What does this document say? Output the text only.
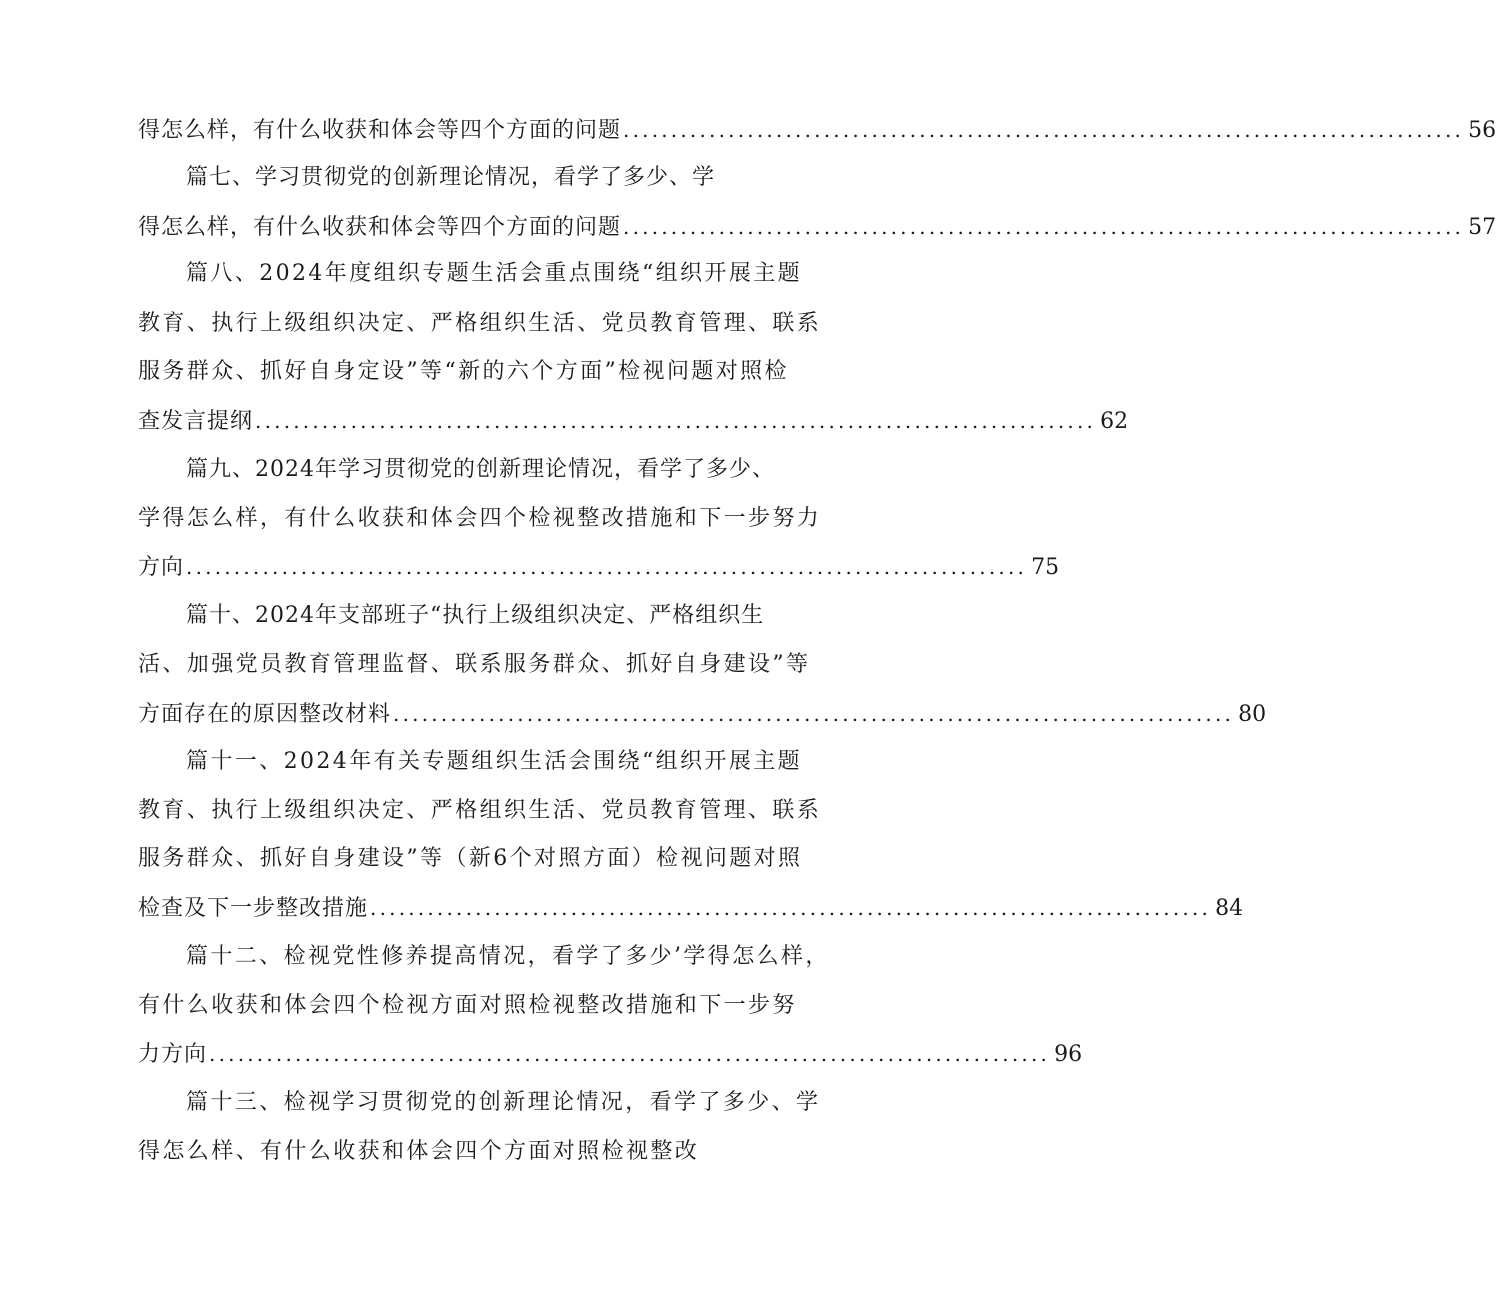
得怎么样，有什么收获和体会等四个方面的问题 ........................................................................................ 56
篇七、学习贯彻党的创新理论情况，看学了多少、学
得怎么样，有什么收获和体会等四个方面的问题 ........................................................................................ 57
篇八、2024年度组织专题生活会重点围绕“组织开展主题
教育、执行上级组织决定、严格组织生活、党员教育管理、联系
服务群众、抓好自身定设”等“新的六个方面”检视问题对照检
查发言提纲 ........................................................................................ 62
篇九、2024年学习贯彻党的创新理论情况，看学了多少、
学得怎么样，有什么收获和体会四个检视整改措施和下一步努力
方向 ........................................................................................ 75
篇十、2024年支部班子“执行上级组织决定、严格组织生
活、加强党员教育管理监督、联系服务群众、抓好自身建设”等
方面存在的原因整改材料 ........................................................................................ 80
篇十一、2024年有关专题组织生活会围绕“组织开展主题
教育、执行上级组织决定、严格组织生活、党员教育管理、联系
服务群众、抓好自身建设”等（新6个对照方面）检视问题对照
检查及下一步整改措施 ........................................................................................ 84
篇十二、检视党性修养提高情况，看学了多少’学得怎么样，
有什么收获和体会四个检视方面对照检视整改措施和下一步努
力方向 ........................................................................................ 96
篇十三、检视学习贯彻党的创新理论情况，看学了多少、学
得怎么样、有什么收获和体会四个方面对照检视整改
